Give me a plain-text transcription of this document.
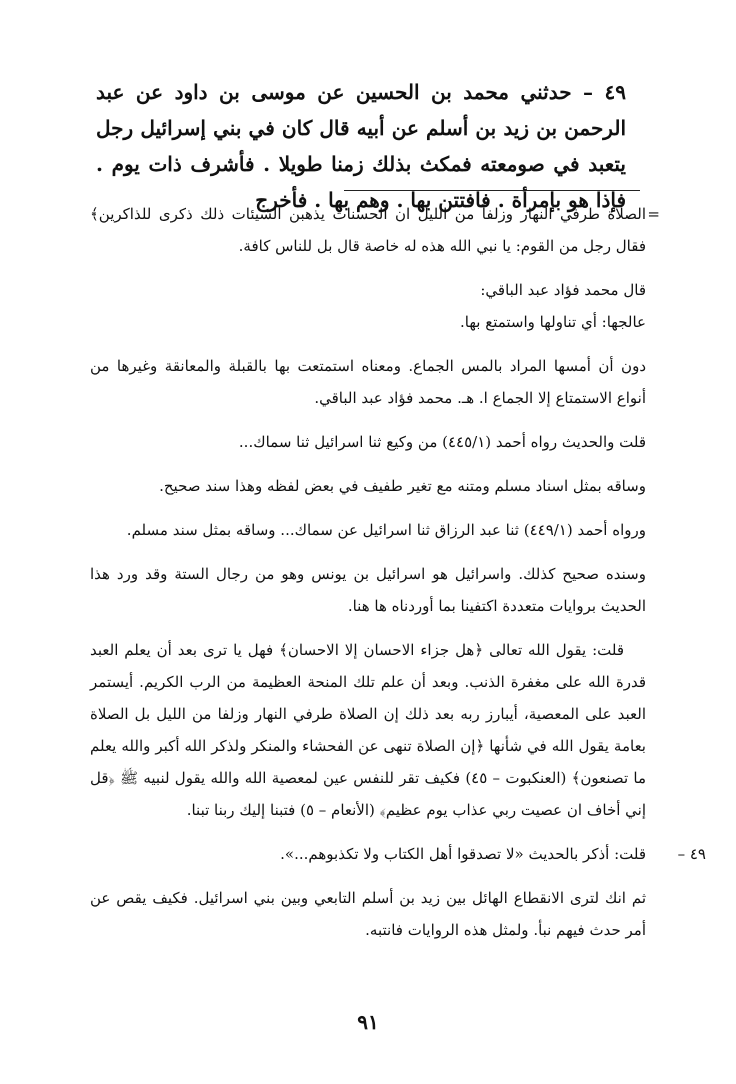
٤٩ – حدثني محمد بن الحسين عن موسى بن داود عن عبد الرحمن بن زيد بن أسلم عن أبيه قال كان في بني إسرائيل رجل يتعبد في صومعته فمكث بذلك زمنا طويلا . فأشرف ذات يوم . فإذا هو بإمرأة . فافتتن بها . وهم بها . فأخرج

=
الصلاة طرفي النهار وزلفاً من الليل ان الحسنات يذهبن السيئات ذلك ذكرى للذاكرين﴾ فقال رجل من القوم: يا نبي الله هذه له خاصة قال بل للناس كافة.

قال محمد فؤاد عبد الباقي:

عالجها: أي تناولها واستمتع بها.

دون أن أمسها المراد بالمس الجماع. ومعناه استمتعت بها بالقبلة والمعانقة وغيرها من أنواع الاستمتاع إلا الجماع ا. هـ. محمد فؤاد عبد الباقي.

قلت والحديث رواه أحمد (٤٤٥/١) من وكيع ثنا اسرائيل ثنا سماك...

وساقه بمثل اسناد مسلم ومتنه مع تغير طفيف في بعض لفظه وهذا سند صحيح.

ورواه أحمد (٤٤٩/١) ثنا عبد الرزاق ثنا اسرائيل عن سماك... وساقه بمثل سند مسلم.

وسنده صحيح كذلك. واسرائيل هو اسرائيل بن يونس وهو من رجال الستة وقد ورد هذا الحديث بروايات متعددة اكتفينا بما أوردناه ها هنا.

قلت: يقول الله تعالى ﴿هل جزاء الاحسان إلا الاحسان﴾ فهل يا ترى بعد أن يعلم العبد قدرة الله على مغفرة الذنب. وبعد أن علم تلك المنحة العظيمة من الرب الكريم. أيستمر العبد على المعصية، أيبارز ربه بعد ذلك إن الصلاة طرفي النهار وزلفا من الليل بل الصلاة بعامة يقول الله في شأنها ﴿إن الصلاة تنهى عن الفحشاء والمنكر ولذكر الله أكبر والله يعلم ما تصنعون﴾ (العنكبوت – ٤٥) فكيف تقر للنفس عين لمعصية الله والله يقول لنبيه ﷺ ﴿قل إني أخاف ان عصيت ربي عذاب يوم عظيم﴾ (الأنعام – ٥) فتبنا إليك ربنا تبنا.

٤٩ –
قلت: أذكر بالحديث «لا تصدقوا أهل الكتاب ولا تكذبوهم...».

ثم انك لترى الانقطاع الهائل بين زيد بن أسلم التابعي وبين بني اسرائيل. فكيف يقص عن أمر حدث فيهم نبأ. ولمثل هذه الروايات فانتبه.

٩١
